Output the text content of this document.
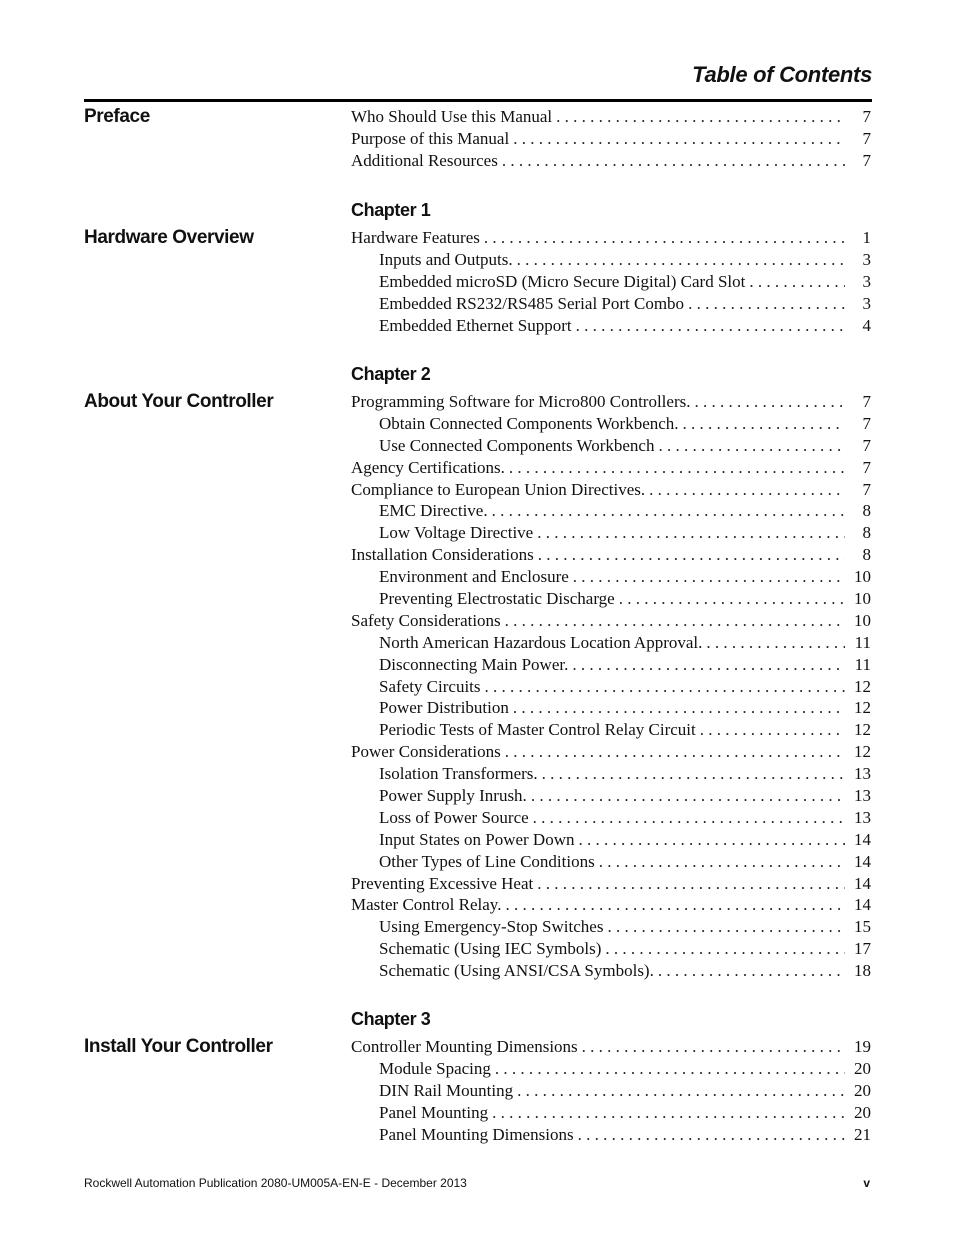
Table of Contents
Preface	Who Should Use this Manual . . .	7
Purpose of this Manual . . .	7
Additional Resources . . .	7
Hardware Overview
Chapter 1
Hardware Features . . .	1
Inputs and Outputs. . . .	3
Embedded microSD (Micro Secure Digital) Card Slot . . .	3
Embedded RS232/RS485 Serial Port Combo . . .	3
Embedded Ethernet Support . . .	4
About Your Controller
Chapter 2
Programming Software for Micro800 Controllers. . . .	7
Obtain Connected Components Workbench. . . .	7
Use Connected Components Workbench . . .	7
Agency Certifications. . . .	7
Compliance to European Union Directives. . . .	7
EMC Directive. . . .	8
Low Voltage Directive . . .	8
Installation Considerations . . .	8
Environment and Enclosure . . .	10
Preventing Electrostatic Discharge . . .	10
Safety Considerations . . .	10
North American Hazardous Location Approval. . . .	11
Disconnecting Main Power. . . .	11
Safety Circuits . . .	12
Power Distribution . . .	12
Periodic Tests of Master Control Relay Circuit . . .	12
Power Considerations . . .	12
Isolation Transformers. . . .	13
Power Supply Inrush. . . .	13
Loss of Power Source . . .	13
Input States on Power Down . . .	14
Other Types of Line Conditions . . .	14
Preventing Excessive Heat . . .	14
Master Control Relay. . . .	14
Using Emergency-Stop Switches . . .	15
Schematic (Using IEC Symbols) . . .	17
Schematic (Using ANSI/CSA Symbols). . . .	18
Install Your Controller
Chapter 3
Controller Mounting Dimensions . . .	19
Module Spacing . . .	20
DIN Rail Mounting . . .	20
Panel Mounting . . .	20
Panel Mounting Dimensions . . .	21
Rockwell Automation Publication 2080-UM005A-EN-E - December 2013	v
